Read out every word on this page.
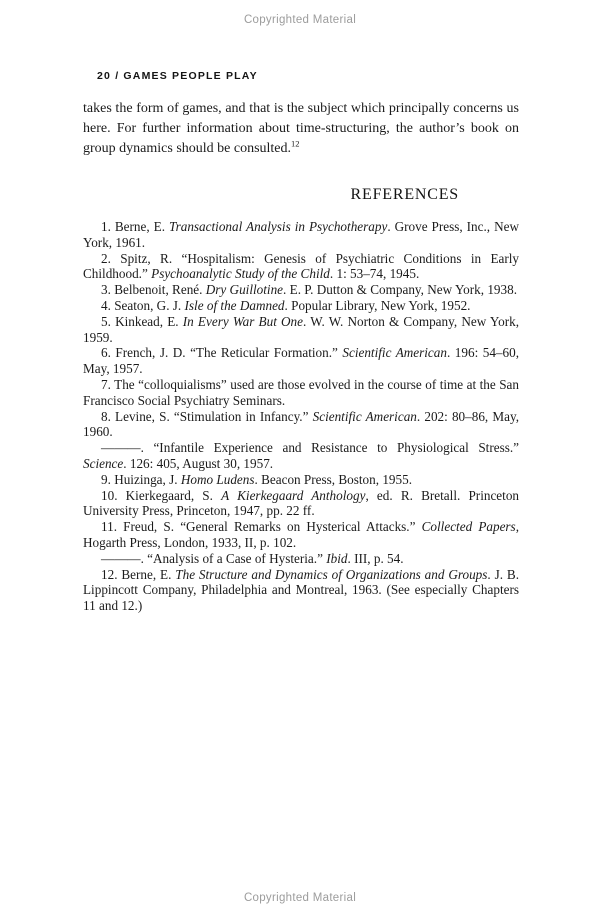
Copyrighted Material
20 / GAMES PEOPLE PLAY

takes the form of games, and that is the subject which principally concerns us here. For further information about time-structuring, the author’s book on group dynamics should be consulted.$^{12}$

REFERENCES

1. Berne, E. Transactional Analysis in Psychotherapy. Grove Press, Inc., New York, 1961.

2. Spitz, R. “Hospitalism: Genesis of Psychiatric Conditions in Early Childhood.” Psychoanalytic Study of the Child. 1: 53–74, 1945.

3. Belbenoit, René. Dry Guillotine. E. P. Dutton & Company, New York, 1938.

4. Seaton, G. J. Isle of the Damned. Popular Library, New York, 1952.

5. Kinkead, E. In Every War But One. W. W. Norton & Company, New York, 1959.

6. French, J. D. “The Reticular Formation.” Scientific American. 196: 54–60, May, 1957.

7. The “colloquialisms” used are those evolved in the course of time at the San Francisco Social Psychiatry Seminars.

8. Levine, S. “Stimulation in Infancy.” Scientific American. 202: 80–86, May, 1960.

———. “Infantile Experience and Resistance to Physiological Stress.” Science. 126: 405, August 30, 1957.

9. Huizinga, J. Homo Ludens. Beacon Press, Boston, 1955.

10. Kierkegaard, S. A Kierkegaard Anthology, ed. R. Bretall. Princeton University Press, Princeton, 1947, pp. 22 ff.

11. Freud, S. “General Remarks on Hysterical Attacks.” Collected Papers, Hogarth Press, London, 1933, II, p. 102.

———. “Analysis of a Case of Hysteria.” Ibid. III, p. 54.

12. Berne, E. The Structure and Dynamics of Organizations and Groups. J. B. Lippincott Company, Philadelphia and Montreal, 1963. (See especially Chapters 11 and 12.)

Copyrighted Material
